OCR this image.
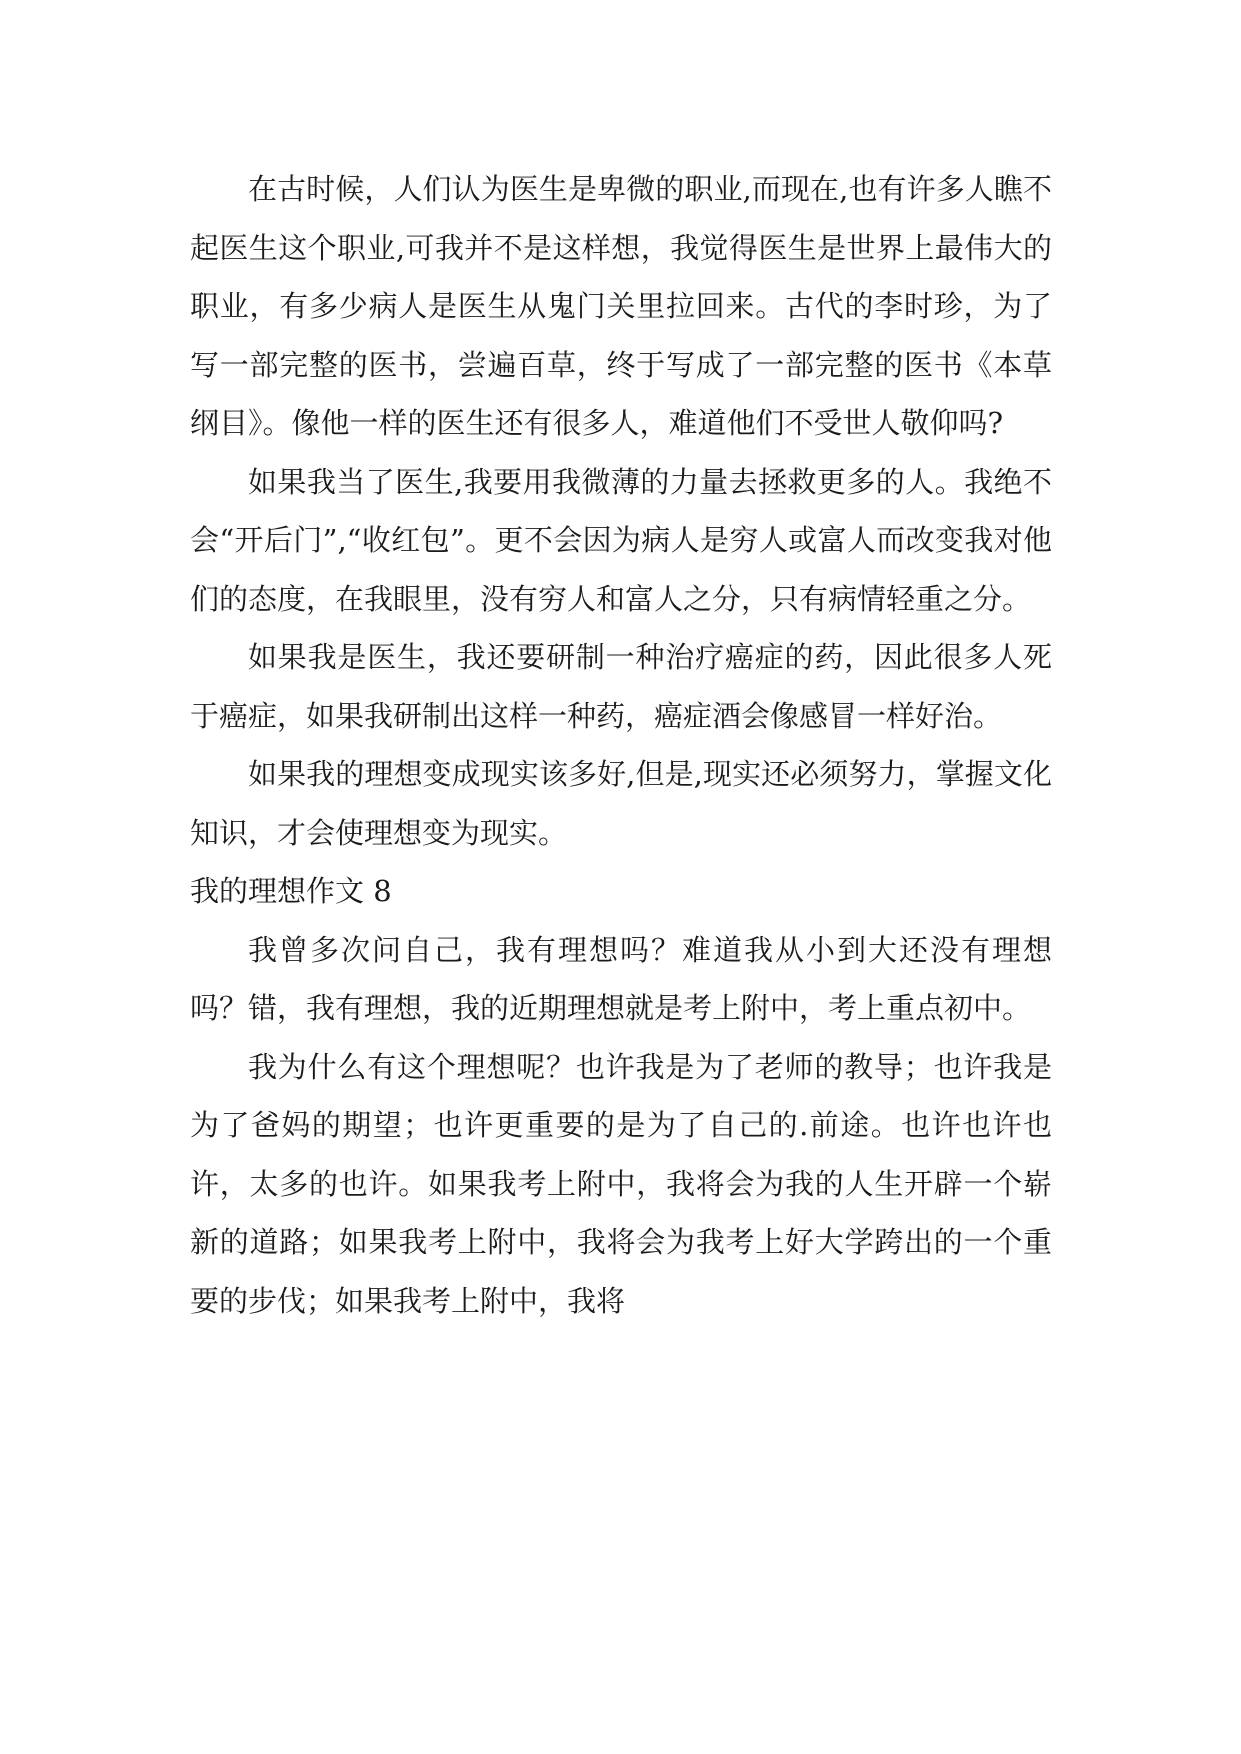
在古时候，人们认为医生是卑微的职业,而现在,也有许多人瞧不起医生这个职业,可我并不是这样想，我觉得医生是世界上最伟大的职业，有多少病人是医生从鬼门关里拉回来。古代的李时珍，为了写一部完整的医书，尝遍百草，终于写成了一部完整的医书《本草纲目》。像他一样的医生还有很多人，难道他们不受世人敬仰吗?

如果我当了医生,我要用我微薄的力量去拯救更多的人。我绝不会“开后门”,“收红包”。更不会因为病人是穷人或富人而改变我对他们的态度，在我眼里，没有穷人和富人之分，只有病情轻重之分。

如果我是医生，我还要研制一种治疗癌症的药，因此很多人死于癌症，如果我研制出这样一种药，癌症酒会像感冒一样好治。

如果我的理想变成现实该多好,但是,现实还必须努力，掌握文化知识，才会使理想变为现实。

我的理想作文 8

我曾多次问自己，我有理想吗？难道我从小到大还没有理想吗？错，我有理想，我的近期理想就是考上附中，考上重点初中。

我为什么有这个理想呢？也许我是为了老师的教导；也许我是为了爸妈的期望；也许更重要的是为了自己的.前途。也许也许也许，太多的也许。如果我考上附中，我将会为我的人生开辟一个崭新的道路；如果我考上附中，我将会为我考上好大学跨出的一个重要的步伐；如果我考上附中，我将
